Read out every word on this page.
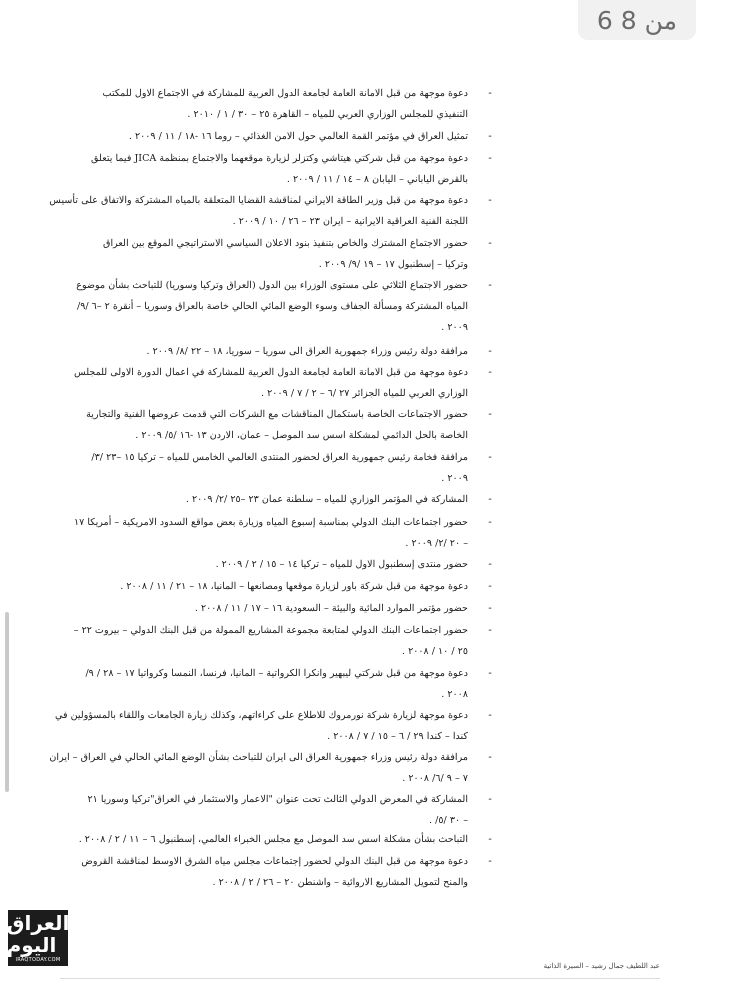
6 من 8
-
دعوة موجهة من قبل الامانة العامة لجامعة الدول العربية للمشاركة في الاجتماع الاول للمكتب
التنفيذي للمجلس الوزاري العربي للمياه – القاهرة ٢٥ – ٣٠ / ١ / ٢٠١٠ .
-
تمثيل العراق في مؤتمر القمة العالمي حول الامن الغذائي – روما ١٦ -١٨ / ١١ / ٢٠٠٩ .
-
دعوة موجهة من قبل شركتي هيتاشي وكتزلر لزيارة موقعهما والاجتماع بمنظمة JICA فيما يتعلق
بالقرض الياباني – اليابان ٨ – ١٤ / ١١ / ٢٠٠٩ .
-
دعوة موجهة من قبل وزير الطاقة الايراني لمناقشة القضايا المتعلقة بالمياه المشتركة والاتفاق على تأسيس
اللجنة الفنية العراقية الايرانية – ايران ٢٣ – ٢٦ / ١٠ / ٢٠٠٩ .
-
حضور الاجتماع المشترك والخاص بتنفيذ بنود الاعلان السياسي الاستراتيجي الموقع بين العراق
وتركيا – إسطنبول ١٧ – ١٩ /٩/ ٢٠٠٩ .
-
حضور الاجتماع الثلاثي على مستوى الوزراء بين الدول (العراق وتركيا وسوريا) للتباحث بشأن موضوع
المياه المشتركة ومسألة الجفاف وسوء الوضع المائي الحالي خاصة بالعراق وسوريا – أنقرة ٢ –٦ /٩/
٢٠٠٩ .
-
مرافقة دولة رئيس وزراء جمهورية العراق الى سوريا – سوريا، ١٨ – ٢٢ /٨/ ٢٠٠٩ .
-
دعوة موجهة من قبل الامانة العامة لجامعة الدول العربية للمشاركة في اعمال الدورة الاولى للمجلس
الوزاري العربي للمياه الجزائر ٢٧ /٦ – ٢ / ٧ / ٢٠٠٩ .
-
حضور الاجتماعات الخاصة باستكمال المناقشات مع الشركات التي قدمت عروضها الفنية والتجارية
الخاصة بالحل الدائمي لمشكلة اسس سد الموصل – عمان، الاردن ١٣ -١٦ /٥/ ٢٠٠٩ .
-
مرافقة فخامة رئيس جمهورية العراق لحضور المنتدى العالمي الخامس للمياه – تركيا ١٥ –٢٣ /٣/
٢٠٠٩ .
-
المشاركة في المؤتمر الوزاري للمياه – سلطنة عمان ٢٣ –٢٥ /٢/ ٢٠٠٩ .
-
حضور اجتماعات البنك الدولي بمناسبة إسبوع المياه وزيارة بعض مواقع السدود الامريكية – أمريكا ١٧
– ٢٠ /٢/ ٢٠٠٩ .
-
حضور منتدى إسطنبول الاول للمياه – تركيا ١٤ – ١٥ / ٢ / ٢٠٠٩ .
-
دعوة موجهة من قبل شركة باور لزيارة موقعها ومصانعها – المانيا، ١٨ – ٢١ / ١١ / ٢٠٠٨ .
-
حضور مؤتمر الموارد المائية والبيئة – السعودية ١٦ – ١٧ / ١١ / ٢٠٠٨ .
-
حضور اجتماعات البنك الدولي لمتابعة مجموعة المشاريع الممولة من قبل البنك الدولي – بيروت ٢٢ –
٢٥ / ١٠ / ٢٠٠٨ .
-
دعوة موجهة من قبل شركتي ليبهير وانكرا الكرواتية – المانيا، فرنسا، النمسا وكرواتيا ١٧ – ٢٨ / ٩/
٢٠٠٨ .
-
دعوة موجهة لزيارة شركة نورمروك للاطلاع على كراءاتهم، وكذلك زيارة الجامعات واللقاء بالمسؤولين في
كندا – كندا ٢٩ / ٦ – ١٥ / ٧ / ٢٠٠٨ .
-
مرافقة دولة رئيس وزراء جمهورية العراق الى ايران للتباحث بشأن الوضع المائي الحالي في العراق – ايران
٧ – ٩ /٦/ ٢٠٠٨ .
-
المشاركة في المعرض الدولي الثالث تحت عنوان "الاعمار والاستثمار في العراق"تركيا وسوريا ٢١
– ٣٠ /٥/ .
-
التباحث بشأن مشكلة اسس سد الموصل مع مجلس الخبراء العالمي، إسطنبول ٦ – ١١ / ٢ / ٢٠٠٨ .
-
دعوة موجهة من قبل البنك الدولي لحضور إجتماعات مجلس مياه الشرق الاوسط لمناقشة القروض
والمنح لتمويل المشاريع الاروائية – واشنطن ٢٠ – ٢٦ / ٢ / ٢٠٠٨ .
العراق اليوم
IRAQTODAY.COM
عبد اللطيف جمال رشيد – السيرة الذاتية
